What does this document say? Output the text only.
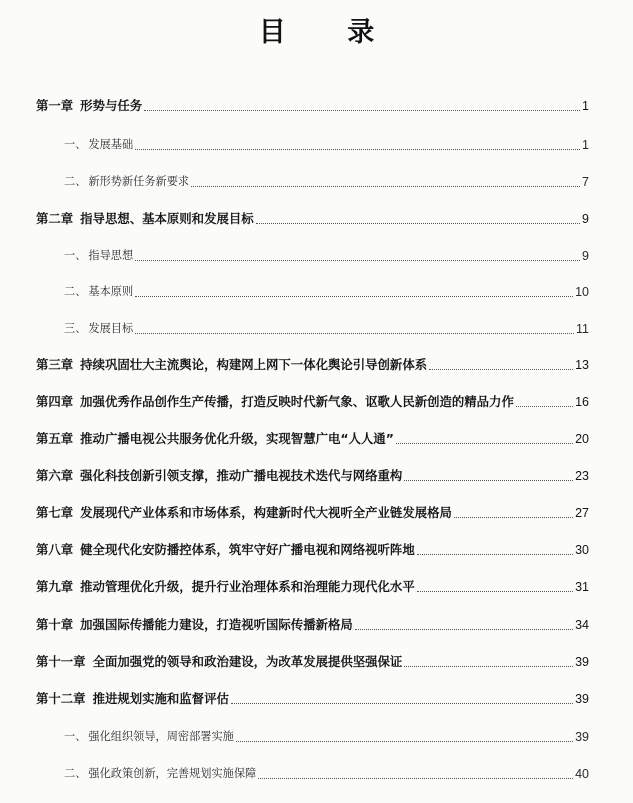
目 录
第一章 形势与任务	1
一、 发展基础	1
二、 新形势新任务新要求	7
第二章 指导思想、基本原则和发展目标	9
一、 指导思想	9
二、 基本原则	10
三、 发展目标	11
第三章 持续巩固壮大主流舆论，构建网上网下一体化舆论引导创新体系	13
第四章 加强优秀作品创作生产传播，打造反映时代新气象、讴歌人民新创造的精品力作	16
第五章 推动广播电视公共服务优化升级，实现智慧广电“人人通”	20
第六章 强化科技创新引领支撑，推动广播电视技术迭代与网络重构	23
第七章 发展现代产业体系和市场体系，构建新时代大视听全产业链发展格局	27
第八章 健全现代化安防播控体系，筑牢守好广播电视和网络视听阵地	30
第九章 推动管理优化升级，提升行业治理体系和治理能力现代化水平	31
第十章 加强国际传播能力建设，打造视听国际传播新格局	34
第十一章 全面加强党的领导和政治建设，为改革发展提供坚强保证	39
第十二章 推进规划实施和监督评估	39
一、 强化组织领导，周密部署实施	39
二、 强化政策创新，完善规划实施保障	40
